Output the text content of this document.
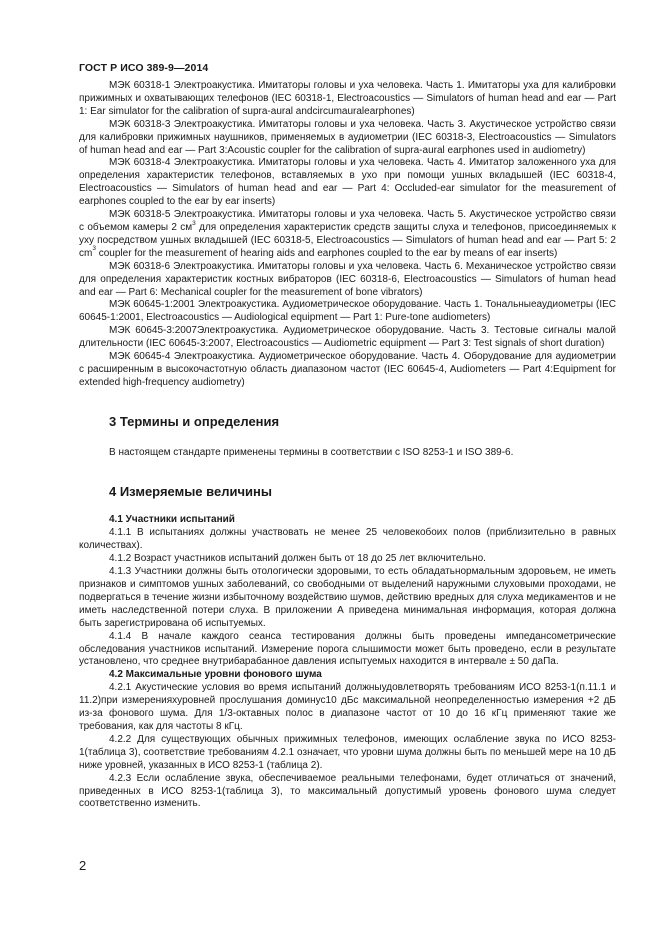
ГОСТ Р ИСО 389-9—2014

МЭК 60318-1 Электроакустика. Имитаторы головы и уха человека. Часть 1. Имитаторы уха для калибровки прижимных и охватывающих телефонов (IEC 60318-1, Electroacoustics — Simulators of human head and ear — Part 1: Ear simulator for the calibration of supra-aural andcircumauralearphones)

МЭК 60318-3 Электроакустика. Имитаторы головы и уха человека. Часть 3. Акустическое устройство связи для калибровки прижимных наушников, применяемых в аудиометрии (IEC 60318-3, Electroacoustics — Simulators of human head and ear — Part 3:Acoustic coupler for the calibration of supra-aural earphones used in audiometry)

МЭК 60318-4 Электроакустика. Имитаторы головы и уха человека. Часть 4. Имитатор заложенного уха для определения характеристик телефонов, вставляемых в ухо при помощи ушных вкладышей (IEC 60318-4, Electroacoustics — Simulators of human head and ear — Part 4: Occluded-ear simulator for the measurement of earphones coupled to the ear by ear inserts)

МЭК 60318-5 Электроакустика. Имитаторы головы и уха человека. Часть 5. Акустическое устройство связи с объемом камеры 2 $см^3$ для определения характеристик средств защиты слуха и телефонов, присоединяемых к уху посредством ушных вкладышей (IEC 60318-5, Electroacoustics — Simulators of human head and ear — Part 5: 2 $cm^3$ coupler for the measurement of hearing aids and earphones coupled to the ear by means of ear inserts)

МЭК 60318-6 Электроакустика. Имитаторы головы и уха человека. Часть 6. Механическое устройство связи для определения характеристик костных вибраторов (IEC 60318-6, Electroacoustics — Simulators of human head and ear — Part 6: Mechanical coupler for the measurement of bone vibrators)

МЭК 60645-1:2001 Электроакустика. Аудиометрическое оборудование. Часть 1. Тональныеаудиометры (IEC 60645-1:2001, Electroacoustics — Audiological equipment — Part 1: Pure-tone audiometers)

МЭК 60645-3:2007Электроакустика. Аудиометрическое оборудование. Часть 3. Тестовые сигналы малой длительности (IEC 60645-3:2007, Electroacoustics — Audiometric equipment — Part 3: Test signals of short duration)

МЭК 60645-4 Электроакустика. Аудиометрическое оборудование. Часть 4. Оборудование для аудиометрии с расширенным в высокочастотную область диапазоном частот (IEC 60645-4, Audiometers — Part 4:Equipment for extended high-frequency audiometry)

3 Термины и определения

В настоящем стандарте применены термины в соответствии с ISO 8253-1 и ISO 389-6.

4 Измеряемые величины

4.1 Участники испытаний

4.1.1 В испытаниях должны участвовать не менее 25 человекобоих полов (приблизительно в равных количествах).

4.1.2 Возраст участников испытаний должен быть от 18 до 25 лет включительно.

4.1.3 Участники должны быть отологически здоровыми, то есть обладатьнормальным здоровьем, не иметь признаков и симптомов ушных заболеваний, со свободными от выделений наружными слуховыми проходами, не подвергаться в течение жизни избыточному воздействию шумов, действию вредных для слуха медикаментов и не иметь наследственной потери слуха. В приложении А приведена минимальная информация, которая должна быть зарегистрирована об испытуемых.

4.1.4 В начале каждого сеанса тестирования должны быть проведены импедансометрические обследования участников испытаний. Измерение порога слышимости может быть проведено, если в результате установлено, что среднее внутрибарабанное давления испытуемых находится в интервале ± 50 даПа.

4.2 Максимальные уровни фонового шума

4.2.1 Акустические условия во время испытаний должныудовлетворять требованиям ИСО 8253-1(п.11.1 и 11.2)при измеренияхуровней прослушания доминус10 дБс максимальной неопределенностью измерения +2 дБ из-за фонового шума. Для 1/3-октавных полос в диапазоне частот от 10 до 16 кГц применяют такие же требования, как для частоты 8 кГц.

4.2.2 Для существующих обычных прижимных телефонов, имеющих ослабление звука по ИСО 8253-1(таблица 3), соответствие требованиям 4.2.1 означает, что уровни шума должны быть по меньшей мере на 10 дБ ниже уровней, указанных в ИСО 8253-1 (таблица 2).

4.2.3 Если ослабление звука, обеспечиваемое реальными телефонами, будет отличаться от значений, приведенных в ИСО 8253-1(таблица 3), то максимальный допустимый уровень фонового шума следует соответственно изменить.

2
